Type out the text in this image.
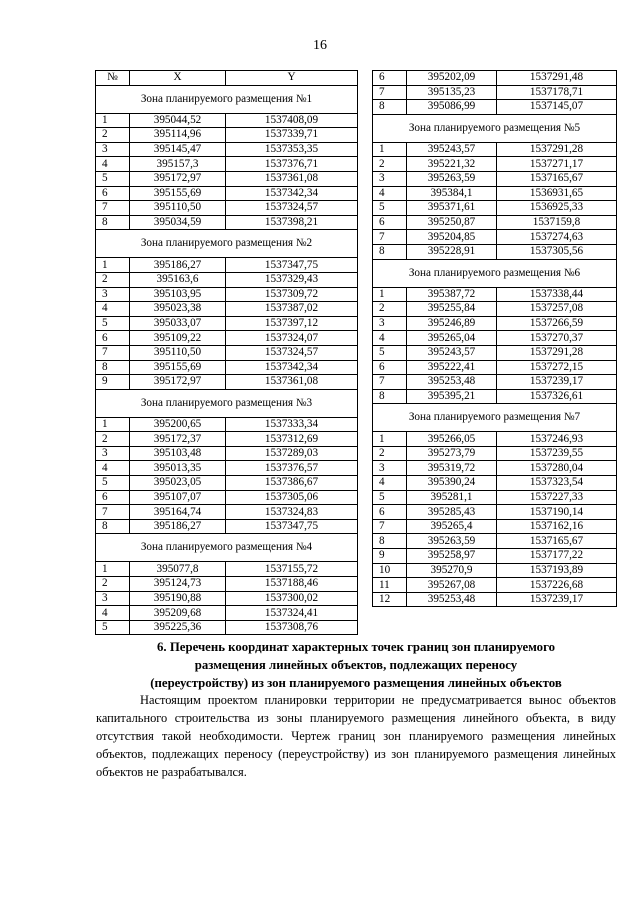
16
№	X	Y
Зона планируемого размещения №1		
1	395044,52	1537408,09
2	395114,96	1537339,71
3	395145,47	1537353,35
4	395157,3	1537376,71
5	395172,97	1537361,08
6	395155,69	1537342,34
7	395110,50	1537324,57
8	395034,59	1537398,21
Зона планируемого размещения №2		
1	395186,27	1537347,75
2	395163,6	1537329,43
3	395103,95	1537309,72
4	395023,38	1537387,02
5	395033,07	1537397,12
6	395109,22	1537324,07
7	395110,50	1537324,57
8	395155,69	1537342,34
9	395172,97	1537361,08
Зона планируемого размещения №3		
1	395200,65	1537333,34
2	395172,37	1537312,69
3	395103,48	1537289,03
4	395013,35	1537376,57
5	395023,05	1537386,67
6	395107,07	1537305,06
7	395164,74	1537324,83
8	395186,27	1537347,75
Зона планируемого размещения №4		
1	395077,8	1537155,72
2	395124,73	1537188,46
3	395190,88	1537300,02
4	395209,68	1537324,41
5	395225,36	1537308,76
6	395202,09	1537291,48
7	395135,23	1537178,71
8	395086,99	1537145,07
Зона планируемого размещения №5		
1	395243,57	1537291,28
2	395221,32	1537271,17
3	395263,59	1537165,67
4	395384,1	1536931,65
5	395371,61	1536925,33
6	395250,87	1537159,8
7	395204,85	1537274,63
8	395228,91	1537305,56
Зона планируемого размещения №6		
1	395387,72	1537338,44
2	395255,84	1537257,08
3	395246,89	1537266,59
4	395265,04	1537270,37
5	395243,57	1537291,28
6	395222,41	1537272,15
7	395253,48	1537239,17
8	395395,21	1537326,61
Зона планируемого размещения №7		
1	395266,05	1537246,93
2	395273,79	1537239,55
3	395319,72	1537280,04
4	395390,24	1537323,54
5	395281,1	1537227,33
6	395285,43	1537190,14
7	395265,4	1537162,16
8	395263,59	1537165,67
9	395258,97	1537177,22
10	395270,9	1537193,89
11	395267,08	1537226,68
12	395253,48	1537239,17
6. Перечень координат характерных точек границ зон планируемого
размещения линейных объектов, подлежащих переносу
(переустройству) из зон планируемого размещения линейных объектов

Настоящим проектом планировки территории не предусматривается вынос объектов капитального строительства из зоны планируемого размещения линейного объекта, в виду отсутствия такой необходимости. Чертеж границ зон планируемого размещения линейных объектов, подлежащих переносу (переустройству) из зон планируемого размещения линейных объектов не разрабатывался.
